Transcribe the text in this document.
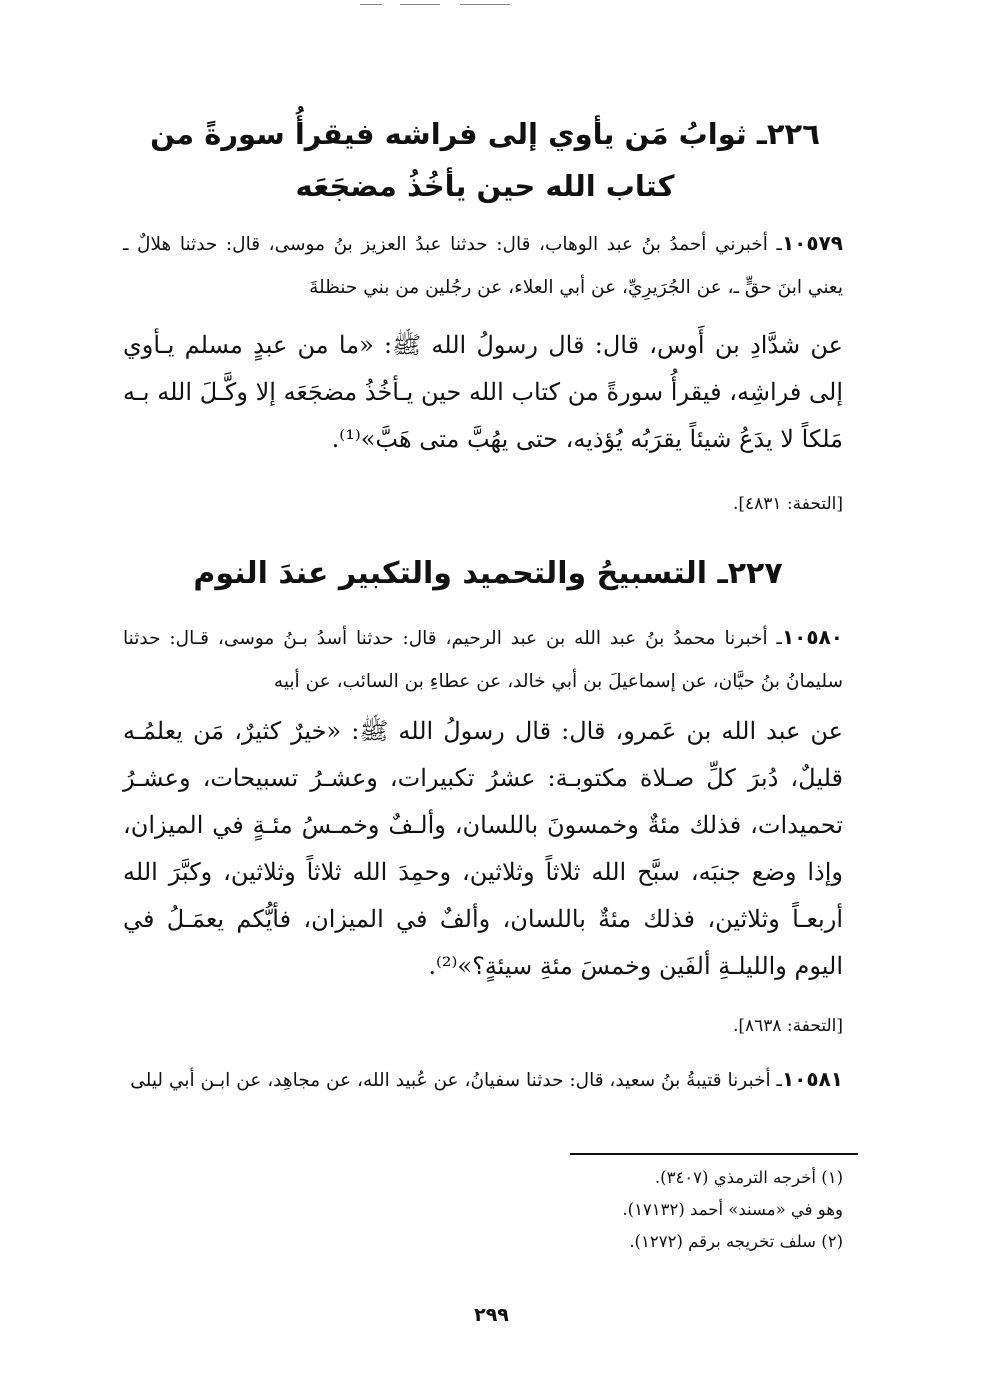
٢٢٦ـ ثوابُ مَن يأوي إلى فراشه فيقرأُ سورةً من كتاب الله حين يأخُذُ مضجَعَه
١٠٥٧٩ـ أخبرني أحمدُ بنُ عبد الوهاب، قال: حدثنا عبدُ العزيز بنُ موسى، قال: حدثنا هلالٌ ـ يعني ابنَ حقٍّ ـ، عن الجُرَيرِيِّ، عن أبي العلاء، عن رجُلين من بني حنظلةَ
عن شدَّادِ بن أَوس، قال: قال رسولُ الله ﷺ: «ما من عبدٍ مسلم يـأوي إلى فراشِه، فيقرأُ سورةً من كتاب الله حين يـأخُذُ مضجَعَه إلا وكَّـلَ الله بـه مَلكاً لا يدَعُ شيئاً يقرَبُه يُؤذيه، حتى يهُبَّ متى هَبَّ»⁽¹⁾.
[التحفة: ٤٨٣١].
٢٢٧ـ التسبيحُ والتحميد والتكبير عندَ النوم
١٠٥٨٠ـ أخبرنا محمدُ بنُ عبد الله بن عبد الرحيم، قال: حدثنا أسدُ بـنُ موسى، قـال: حدثنا سليمانُ بنُ حيَّان، عن إسماعيلَ بن أبي خالد، عن عطاءِ بن السائب، عن أبيه
عن عبد الله بن عَمرو، قال: قال رسولُ الله ﷺ: «خيرٌ كثيرٌ، مَن يعلمُـه قليلٌ، دُبرَ كلِّ صـلاة مكتوبـة: عشرُ تكبيرات، وعشـرُ تسبيحات، وعشـرُ تحميدات، فذلك مئةٌ وخمسونَ باللسان، وألـفٌ وخمـسُ مئـةٍ في الميزان، وإذا وضع جنبَه، سبَّح الله ثلاثاً وثلاثين، وحمِدَ الله ثلاثاً وثلاثين، وكبَّرَ الله أربعـاً وثلاثين، فذلك مئةٌ باللسان، وألفٌ في الميزان، فأيُّكم يعمَـلُ في اليوم والليلـةِ ألفَين وخمسَ مئةِ سيئةٍ؟»⁽²⁾.
[التحفة: ٨٦٣٨].
١٠٥٨١ـ أخبرنا قتيبةُ بنُ سعيد، قال: حدثنا سفيانُ، عن عُبيد الله، عن مجاهِد، عن ابـن أبي ليلى
(١) أخرجه الترمذي (٣٤٠٧).
وهو في «مسند» أحمد (١٧١٣٢).
(٢) سلف تخريجه برقم (١٢٧٢).
٢٩٩
